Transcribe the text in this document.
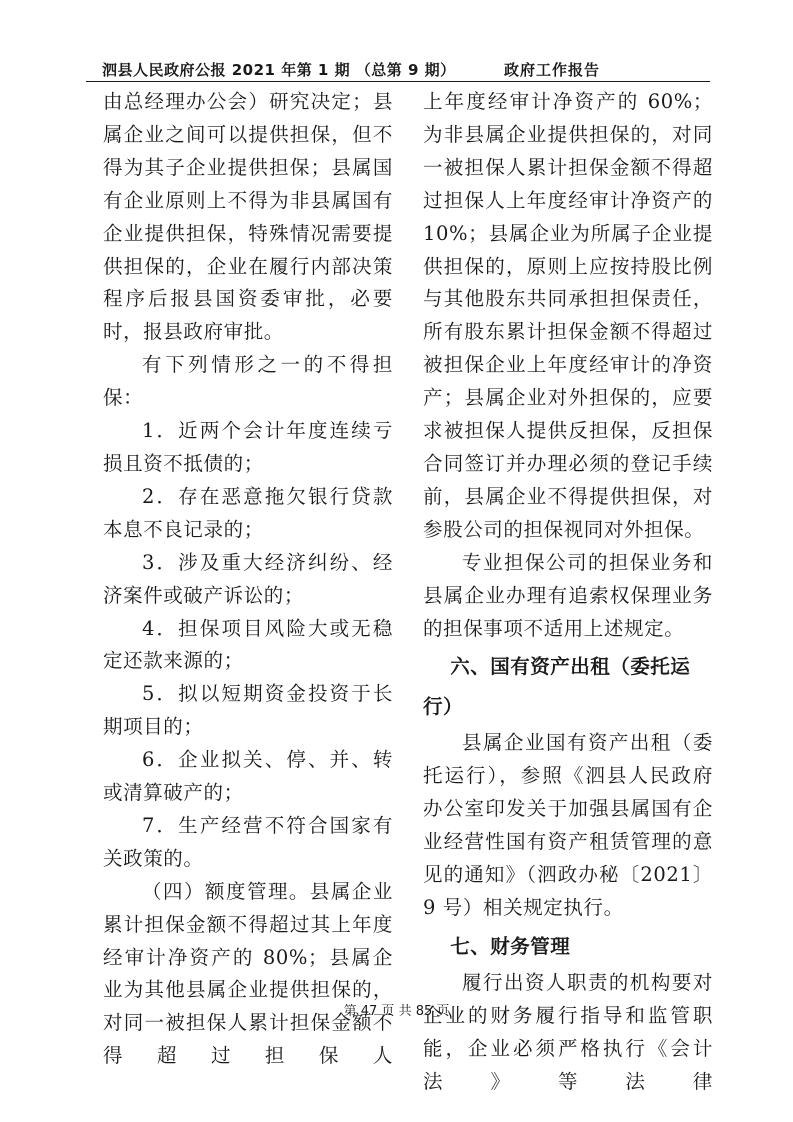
泗县人民政府公报 2021 年第 1 期 （总第 9 期）	政府工作报告

由总经理办公会）研究决定；县属企业之间可以提供担保，但不得为其子企业提供担保；县属国有企业原则上不得为非县属国有企业提供担保，特殊情况需要提供担保的，企业在履行内部决策程序后报县国资委审批，必要时，报县政府审批。

有下列情形之一的不得担保：

1．近两个会计年度连续亏损且资不抵债的；

2．存在恶意拖欠银行贷款本息不良记录的；

3．涉及重大经济纠纷、经济案件或破产诉讼的；

4．担保项目风险大或无稳定还款来源的；

5．拟以短期资金投资于长期项目的；

6．企业拟关、停、并、转或清算破产的；

7．生产经营不符合国家有关政策的。

（四）额度管理。县属企业累计担保金额不得超过其上年度经审计净资产的 80%；县属企业为其他县属企业提供担保的，对同一被担保人累计担保金额不得超过担保人

上年度经审计净资产的 60%；为非县属企业提供担保的，对同一被担保人累计担保金额不得超过担保人上年度经审计净资产的 10%；县属企业为所属子企业提供担保的，原则上应按持股比例与其他股东共同承担担保责任，所有股东累计担保金额不得超过被担保企业上年度经审计的净资产；县属企业对外担保的，应要求被担保人提供反担保，反担保合同签订并办理必须的登记手续前，县属企业不得提供担保，对参股公司的担保视同对外担保。

专业担保公司的担保业务和县属企业办理有追索权保理业务的担保事项不适用上述规定。

六、国有资产出租（委托运行）

县属企业国有资产出租（委托运行），参照《泗县人民政府办公室印发关于加强县属国有企业经营性国有资产租赁管理的意见的通知》（泗政办秘〔2021〕9 号）相关规定执行。

七、财务管理

履行出资人职责的机构要对企业的财务履行指导和监管职能，企业必须严格执行《会计法》等法律

第 47 页 共 85 页
